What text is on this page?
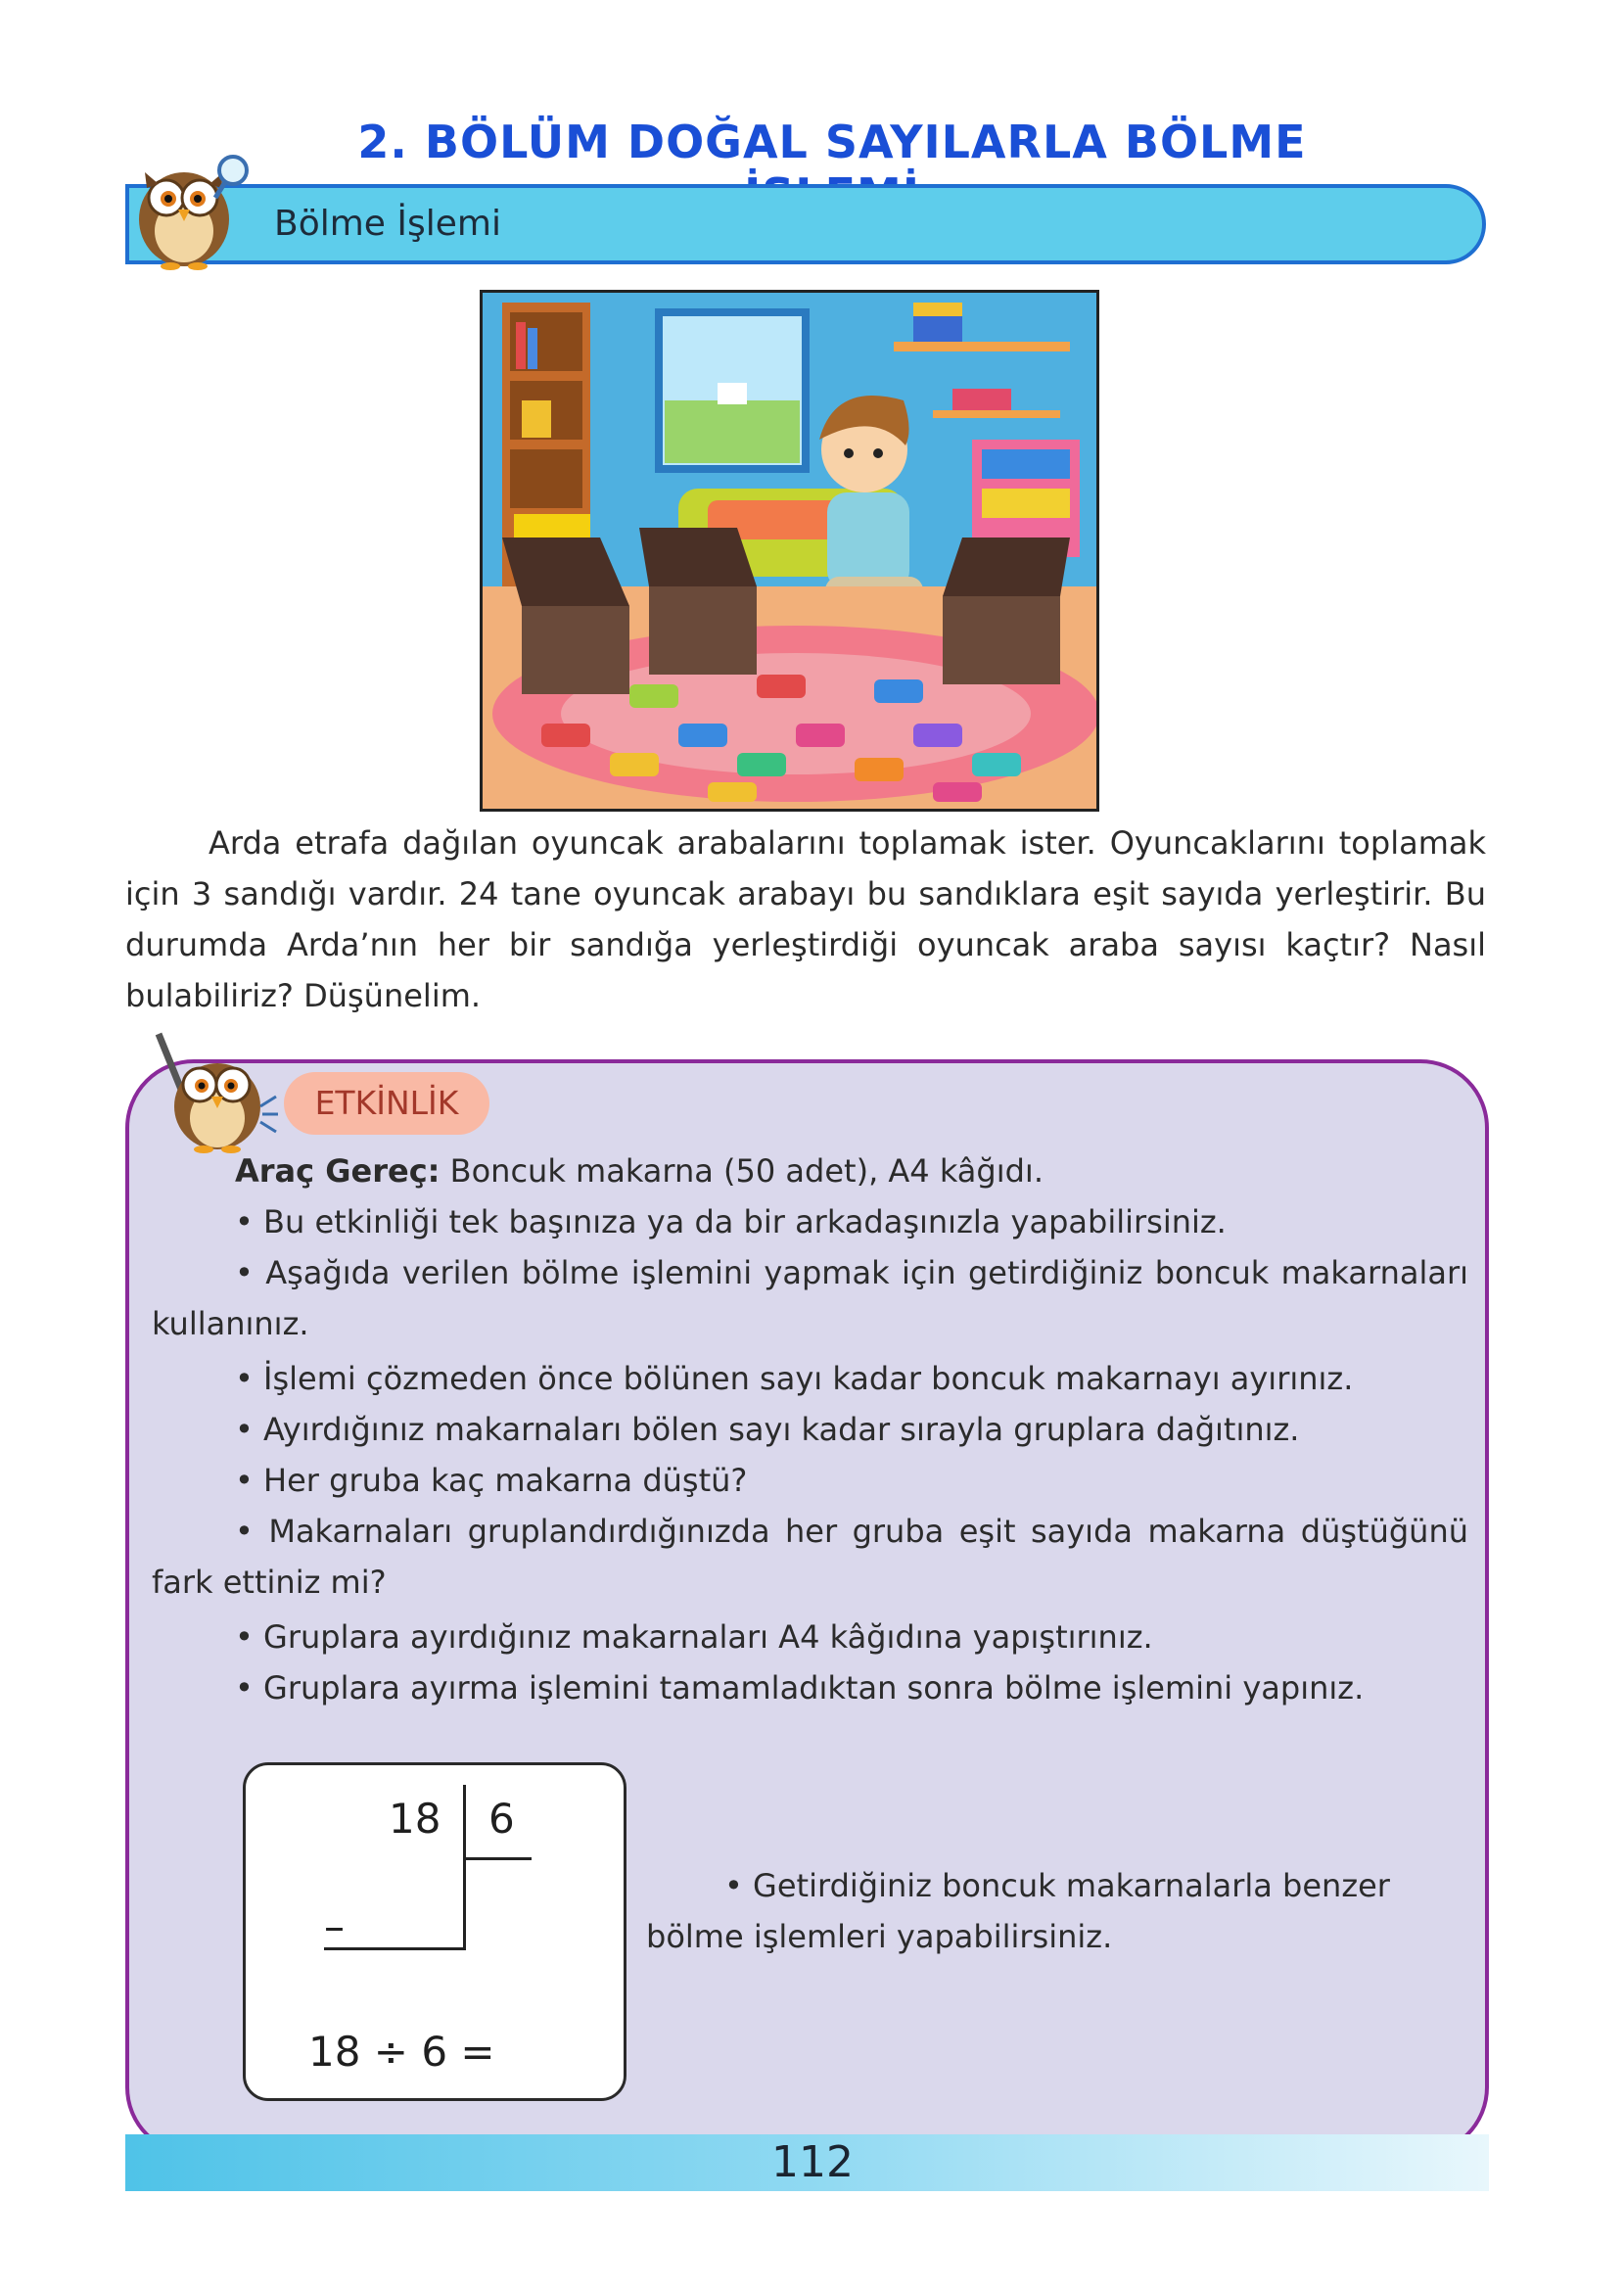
2. BÖLÜM DOĞAL SAYILARLA BÖLME
Bölme İşlemi
Arda etrafa dağılan oyuncak arabalarını toplamak ister. Oyuncaklarını toplamak için 3 sandığı vardır. 24 tane oyuncak arabayı bu sandıklara eşit sayıda yerleştirir. Bu durumda Arda’nın her bir sandığa yerleştirdiği oyuncak araba sayısı kaçtır? Nasıl bulabiliriz? Düşünelim.
ETKİNLİK
Araç Gereç: Boncuk makarna (50 adet), A4 kâğıdı.
• Bu etkinliği tek başınıza ya da bir arkadaşınızla yapabilirsiniz.
• Aşağıda verilen bölme işlemini yapmak için getirdiğiniz boncuk makarnaları kullanınız.
• İşlemi çözmeden önce bölünen sayı kadar boncuk makarnayı ayırınız.
• Ayırdığınız makarnaları bölen sayı kadar sırayla gruplara dağıtınız.
• Her gruba kaç makarna düştü?
• Makarnaları gruplandırdığınızda her gruba eşit sayıda makarna düştüğünü fark ettiniz mi?
• Gruplara ayırdığınız makarnaları A4 kâğıdına yapıştırınız.
• Gruplara ayırma işlemini tamamladıktan sonra bölme işlemini yapınız.
18 6
–
18 ÷ 6 =
• Getirdiğiniz boncuk makarnalarla benzer bölme işlemleri yapabilirsiniz.
112
